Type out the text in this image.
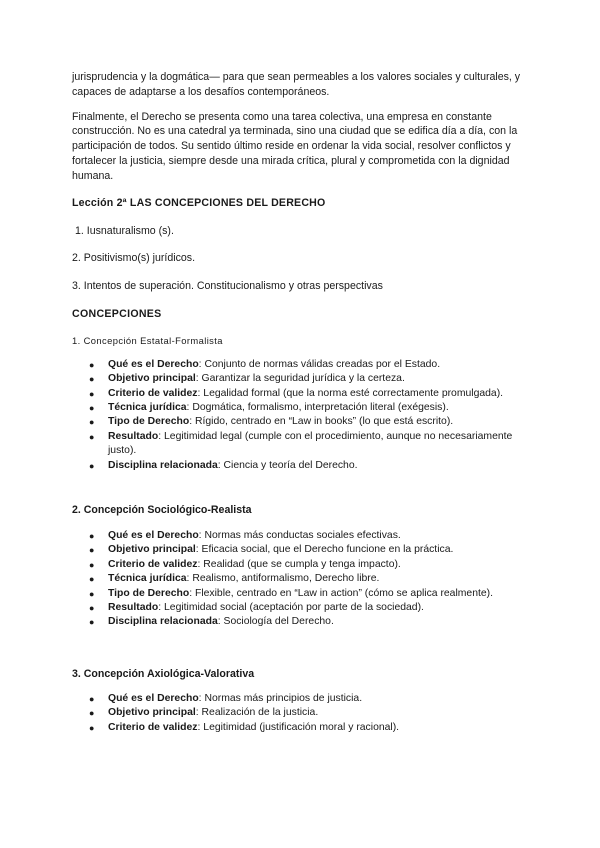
jurisprudencia y la dogmática— para que sean permeables a los valores sociales y culturales, y capaces de adaptarse a los desafíos contemporáneos.

Finalmente, el Derecho se presenta como una tarea colectiva, una empresa en constante construcción. No es una catedral ya terminada, sino una ciudad que se edifica día a día, con la participación de todos. Su sentido último reside en ordenar la vida social, resolver conflictos y fortalecer la justicia, siempre desde una mirada crítica, plural y comprometida con la dignidad humana.

Lección 2ª LAS CONCEPCIONES DEL DERECHO

1. Iusnaturalismo (s).

2. Positivismo(s) jurídicos.

3. Intentos de superación. Constitucionalismo y otras perspectivas

CONCEPCIONES

1. Concepción Estatal-Formalista

● Qué es el Derecho: Conjunto de normas válidas creadas por el Estado.
● Objetivo principal: Garantizar la seguridad jurídica y la certeza.
● Criterio de validez: Legalidad formal (que la norma esté correctamente promulgada).
● Técnica jurídica: Dogmática, formalismo, interpretación literal (exégesis).
● Tipo de Derecho: Rígido, centrado en “Law in books” (lo que está escrito).
● Resultado: Legitimidad legal (cumple con el procedimiento, aunque no necesariamente justo).
● Disciplina relacionada: Ciencia y teoría del Derecho.

2. Concepción Sociológico-Realista

● Qué es el Derecho: Normas más conductas sociales efectivas.
● Objetivo principal: Eficacia social, que el Derecho funcione en la práctica.
● Criterio de validez: Realidad (que se cumpla y tenga impacto).
● Técnica jurídica: Realismo, antiformalismo, Derecho libre.
● Tipo de Derecho: Flexible, centrado en “Law in action” (cómo se aplica realmente).
● Resultado: Legitimidad social (aceptación por parte de la sociedad).
● Disciplina relacionada: Sociología del Derecho.

3. Concepción Axiológica-Valorativa

● Qué es el Derecho: Normas más principios de justicia.
● Objetivo principal: Realización de la justicia.
● Criterio de validez: Legitimidad (justificación moral y racional).
